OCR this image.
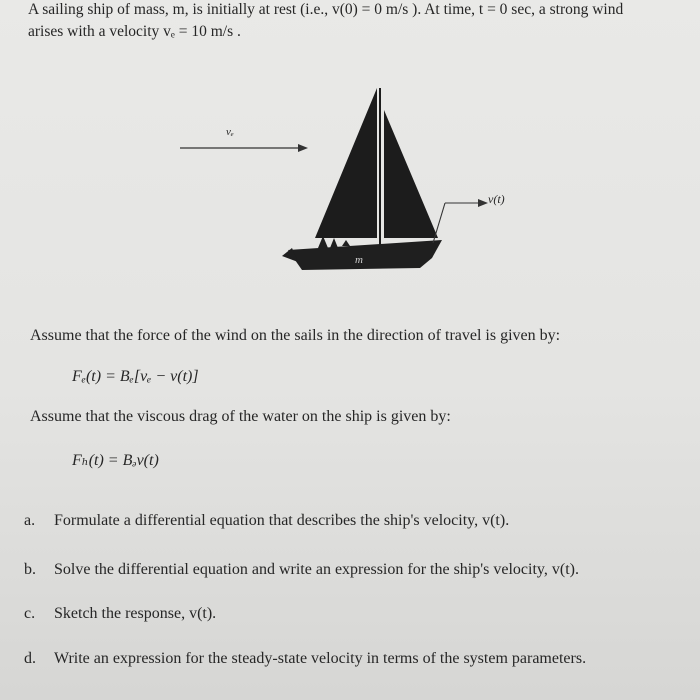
A sailing ship of mass, m, is initially at rest (i.e., v(0) = 0 m/s ). At time, t = 0 sec, a strong wind
arises with a velocity vₑ = 10 m/s .
vₑ
v(t)
m
Assume that the force of the wind on the sails in the direction of travel is given by:
Fₑ(t) = Bₑ[vₑ − v(t)]
Assume that the viscous drag of the water on the ship is given by:
Fₕ(t) = Bₔv(t)
a. Formulate a differential equation that describes the ship's velocity, v(t).
b. Solve the differential equation and write an expression for the ship's velocity, v(t).
c. Sketch the response, v(t).
d. Write an expression for the steady-state velocity in terms of the system parameters.
